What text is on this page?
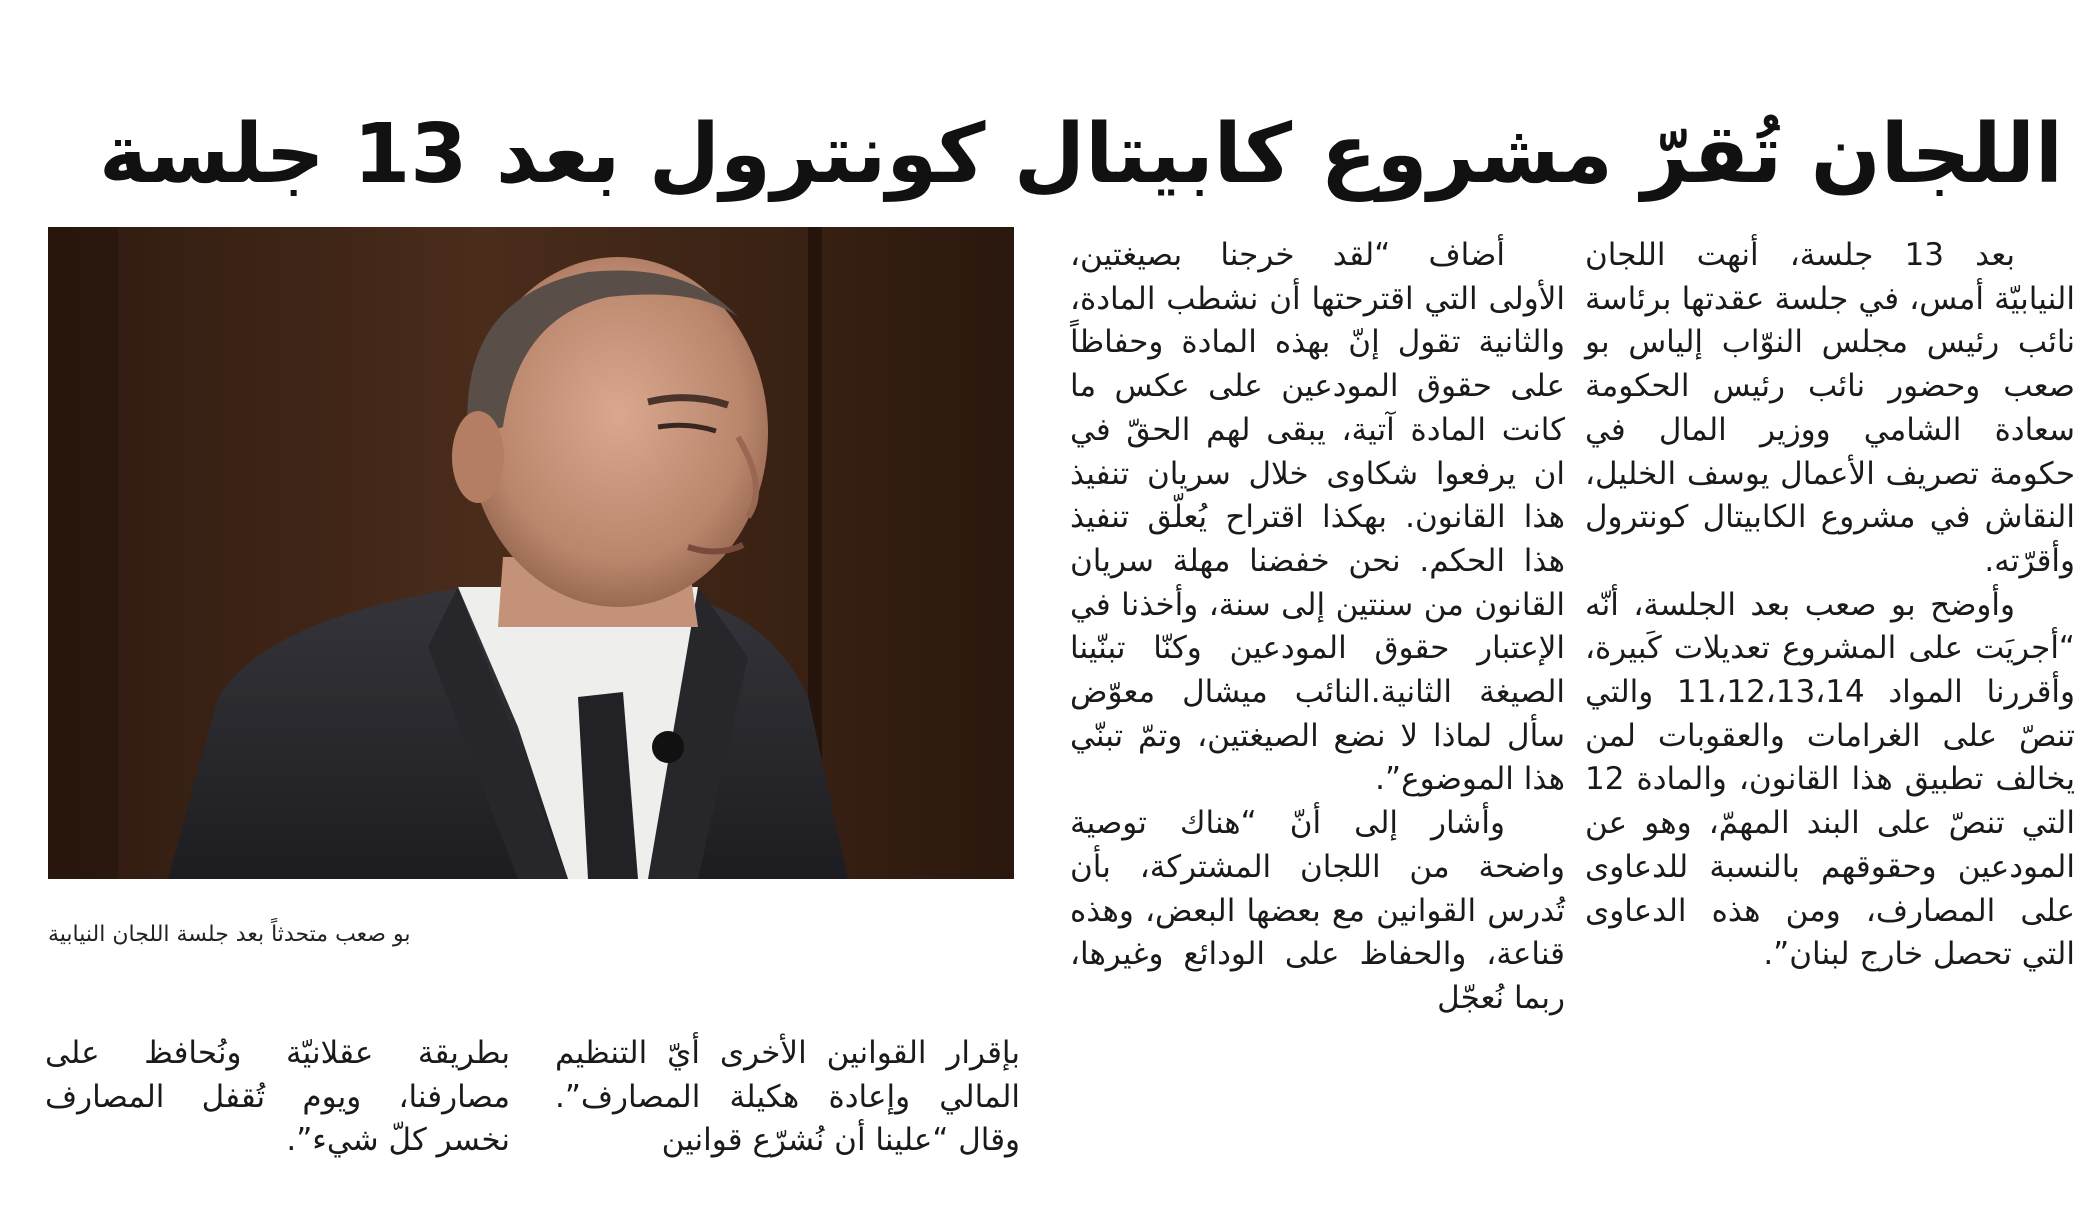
اللجان تُقرّ مشروع كابيتال كونترول بعد 13 جلسة

بعد 13 جلسة، أنهت اللجان النيابيّة أمس، في جلسة عقدتها برئاسة نائب رئيس مجلس النوّاب إلياس بو صعب وحضور نائب رئيس الحكومة سعادة الشامي ووزير المال في حكومة تصريف الأعمال يوسف الخليل، النقاش في مشروع الكابيتال كونترول وأقرّته.

وأوضح بو صعب بعد الجلسة، أنّه “أجريَت على المشروع تعديلات كَبيرة، وأقررنا المواد 11،12،13،14 والتي تنصّ على الغرامات والعقوبات لمن يخالف تطبيق هذا القانون، والمادة 12 التي تنصّ على البند المهمّ، وهو عن المودعين وحقوقهم بالنسبة للدعاوى على المصارف، ومن هذه الدعاوى التي تحصل خارج لبنان”.

أضاف “لقد خرجنا بصيغتين، الأولى التي اقترحتها أن نشطب المادة، والثانية تقول إنّ بهذه المادة وحفاظاً على حقوق المودعين على عكس ما كانت المادة آتية، يبقى لهم الحقّ في ان يرفعوا شكاوى خلال سريان تنفيذ هذا القانون. بهكذا اقتراح يُعلّق تنفيذ هذا الحكم. نحن خفضنا مهلة سريان القانون من سنتين إلى سنة، وأخذنا في الإعتبار حقوق المودعين وكنّا تبنّينا الصيغة الثانية.النائب ميشال معوّض سأل لماذا لا نضع الصيغتين، وتمّ تبنّي هذا الموضوع”.

وأشار إلى أنّ “هناك توصية واضحة من اللجان المشتركة، بأن تُدرس القوانين مع بعضها البعض، وهذه قناعة، والحفاظ على الودائع وغيرها، ربما نُعجّل

بو صعب متحدثاً بعد جلسة اللجان النيابية

بإقرار القوانين الأخرى أيّ التنظيم المالي وإعادة هكيلة المصارف”. وقال “علينا أن نُشرّع قوانين

بطريقة عقلانيّة ونُحافظ على مصارفنا، ويوم تُقفل المصارف نخسر كلّ شيء”.
